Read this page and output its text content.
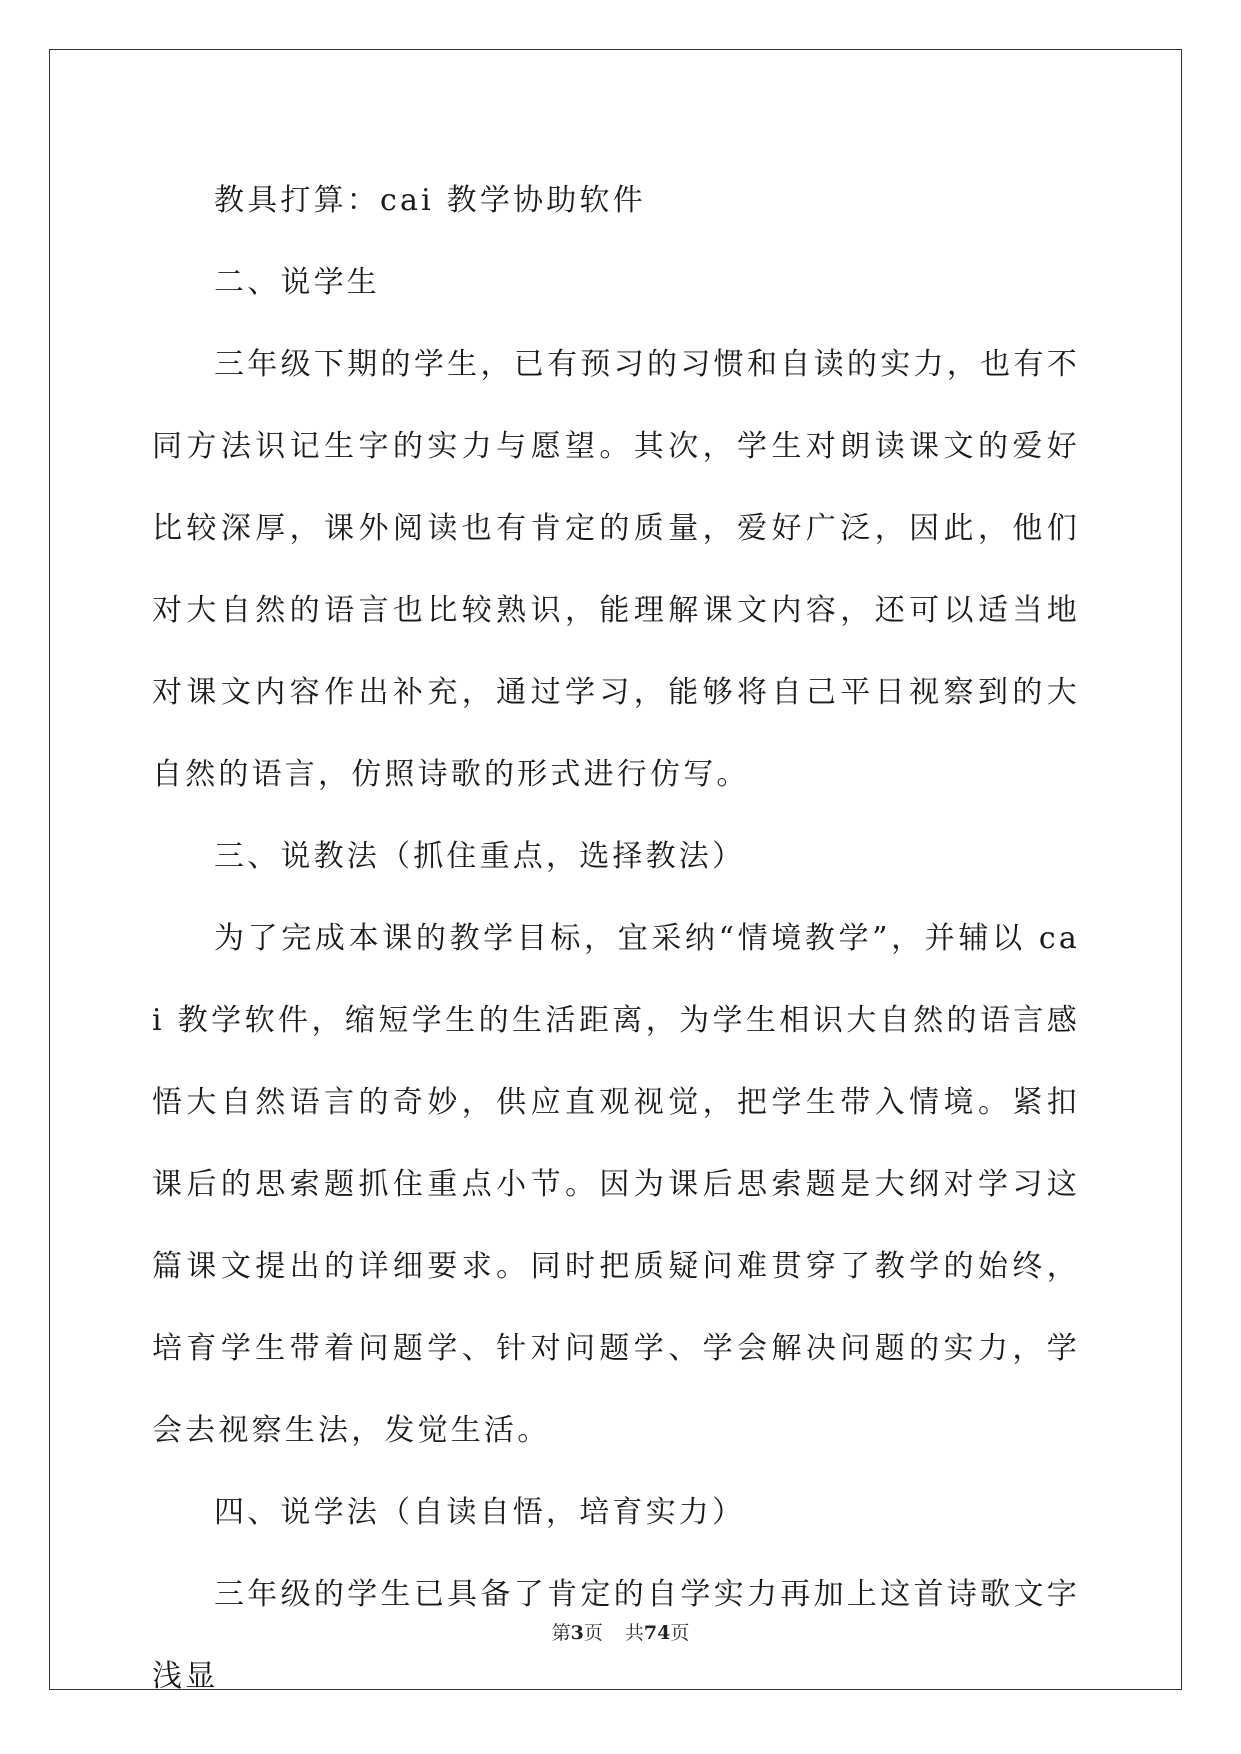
教具打算：cai 教学协助软件

二、说学生

三年级下期的学生，已有预习的习惯和自读的实力，也有不同方法识记生字的实力与愿望。其次，学生对朗读课文的爱好比较深厚，课外阅读也有肯定的质量，爱好广泛，因此，他们对大自然的语言也比较熟识，能理解课文内容，还可以适当地对课文内容作出补充，通过学习，能够将自己平日视察到的大自然的语言，仿照诗歌的形式进行仿写。

三、说教法（抓住重点，选择教法）

为了完成本课的教学目标，宜采纳“情境教学”，并辅以 cai 教学软件，缩短学生的生活距离，为学生相识大自然的语言感悟大自然语言的奇妙，供应直观视觉，把学生带入情境。紧扣课后的思索题抓住重点小节。因为课后思索题是大纲对学习这篇课文提出的详细要求。同时把质疑问难贯穿了教学的始终，培育学生带着问题学、针对问题学、学会解决问题的实力，学会去视察生法，发觉生活。

四、说学法（自读自悟，培育实力）

三年级的学生已具备了肯定的自学实力再加上这首诗歌文字浅显

第3页 共74页
